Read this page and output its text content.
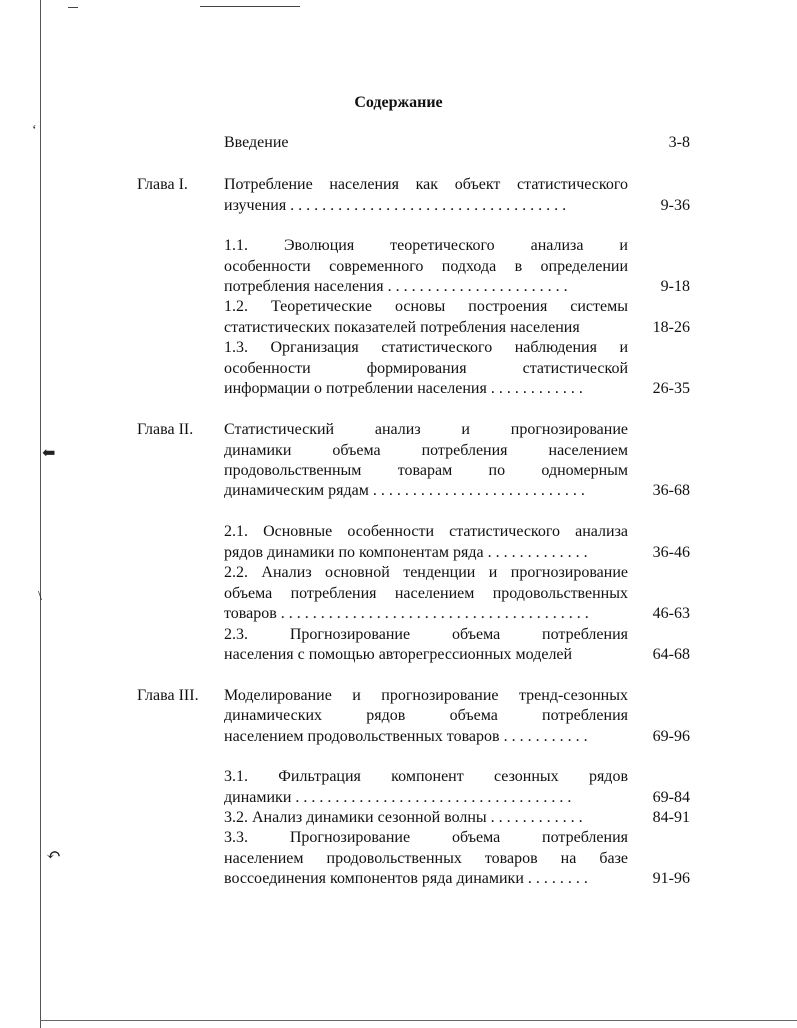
ʻ
⬅
\
↶
Содержание
Введение	3-8
Глава I. Потребление населения как объект статистического
изучения . . . . . . . . . . . . . . . . . . . . . . . . . . . . . . . . . . .	9-36
1.1. Эволюция теоретического анализа и
особенности современного подхода в определении
потребления населения . . . . . . . . . . . . . . . . . . . . . . .	9-18
1.2. Теоретические основы построения системы
статистических показателей потребления населения	18-26
1.3. Организация статистического наблюдения и
особенности формирования статистической
информации о потреблении населения . . . . . . . . . . . .	26-35
Глава II. Статистический анализ и прогнозирование
динамики объема потребления населением
продовольственным товарам по одномерным
динамическим рядам . . . . . . . . . . . . . . . . . . . . . . . . . . .	36-68
2.1. Основные особенности статистического анализа
рядов динамики по компонентам ряда . . . . . . . . . . . . .	36-46
2.2. Анализ основной тенденции и прогнозирование
объема потребления населением продовольственных
товаров . . . . . . . . . . . . . . . . . . . . . . . . . . . . . . . . . . . . . . .	46-63
2.3. Прогнозирование объема потребления
населения с помощью авторегрессионных моделей	64-68
Глава III. Моделирование и прогнозирование тренд-сезонных
динамических рядов объема потребления
населением продовольственных товаров . . . . . . . . . . .	69-96
3.1. Фильтрация компонент сезонных рядов
динамики . . . . . . . . . . . . . . . . . . . . . . . . . . . . . . . . . . .	69-84
3.2. Анализ динамики сезонной волны . . . . . . . . . . . .	84-91
3.3. Прогнозирование объема потребления
населением продовольственных товаров на базе
воссоединения компонентов ряда динамики . . . . . . . .	91-96
